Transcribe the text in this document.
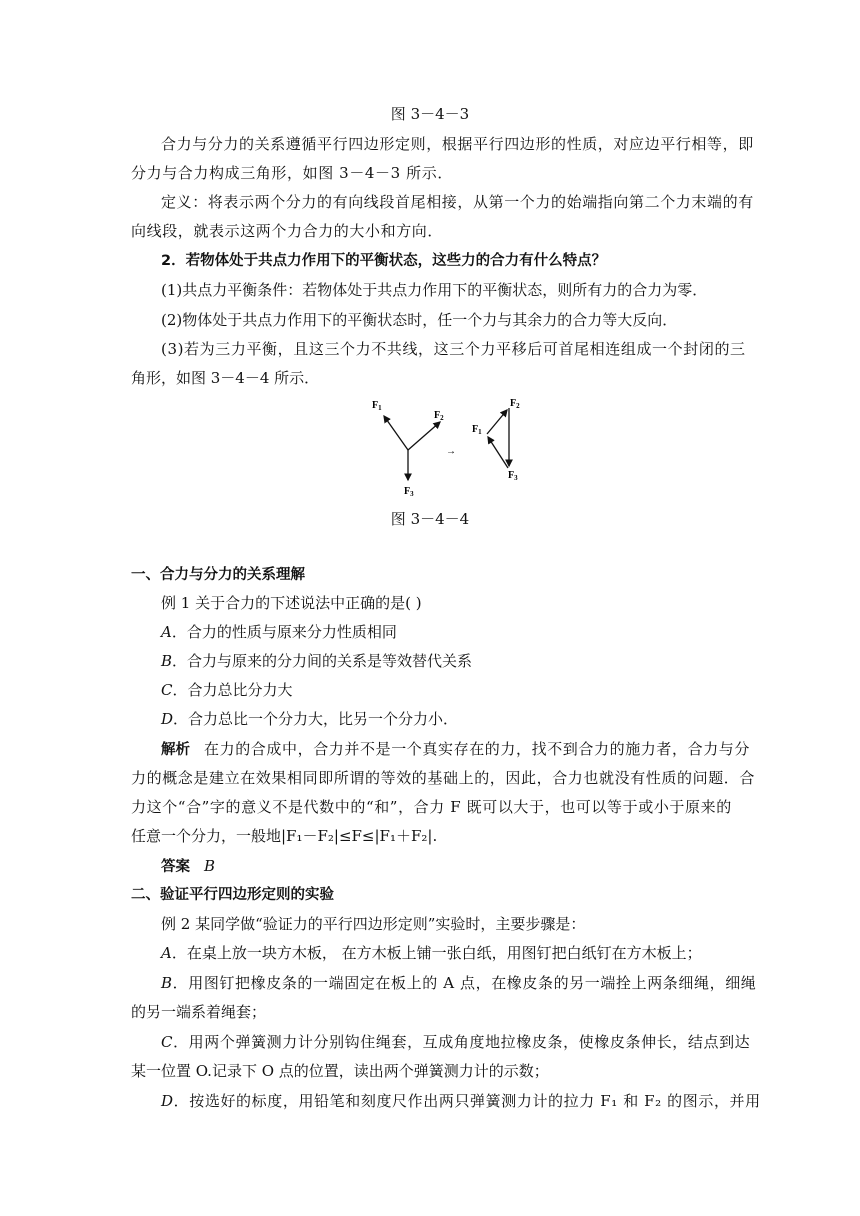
图 3－4－3
合力与分力的关系遵循平行四边形定则，根据平行四边形的性质，对应边平行相等，即
分力与合力构成三角形，如图 3－4－3 所示．
定义：将表示两个分力的有向线段首尾相接，从第一个力的始端指向第二个力末端的有
向线段，就表示这两个力合力的大小和方向．
2．若物体处于共点力作用下的平衡状态，这些力的合力有什么特点？
(1)共点力平衡条件：若物体处于共点力作用下的平衡状态，则所有力的合力为零．
(2)物体处于共点力作用下的平衡状态时，任一个力与其余力的合力等大反向．
(3)若为三力平衡，且这三个力不共线，这三个力平移后可首尾相连组成一个封闭的三
角形，如图 3－4－4 所示．
$F_1$
$F_2$
$F_3$
→
$F_2$
$F_1$
$F_3$
图 3－4－4
一、合力与分力的关系理解
例 1 关于合力的下述说法中正确的是( )
A．合力的性质与原来分力性质相同
B．合力与原来的分力间的关系是等效替代关系
C．合力总比分力大
D．合力总比一个分力大，比另一个分力小．
解析 在力的合成中，合力并不是一个真实存在的力，找不到合力的施力者，合力与分
力的概念是建立在效果相同即所谓的等效的基础上的，因此，合力也就没有性质的问题．合
力这个“合”字的意义不是代数中的“和”，合力 F 既可以大于，也可以等于或小于原来的
任意一个分力，一般地|F₁－F₂|≤F≤|F₁＋F₂|.
答案 B
二、验证平行四边形定则的实验
例 2 某同学做“验证力的平行四边形定则”实验时，主要步骤是：
A．在桌上放一块方木板， 在方木板上铺一张白纸，用图钉把白纸钉在方木板上；
B．用图钉把橡皮条的一端固定在板上的 A 点，在橡皮条的另一端拴上两条细绳，细绳
的另一端系着绳套；
C．用两个弹簧测力计分别钩住绳套，互成角度地拉橡皮条，使橡皮条伸长，结点到达
某一位置 O.记录下 O 点的位置，读出两个弹簧测力计的示数；
D．按选好的标度，用铅笔和刻度尺作出两只弹簧测力计的拉力 F₁ 和 F₂ 的图示，并用
